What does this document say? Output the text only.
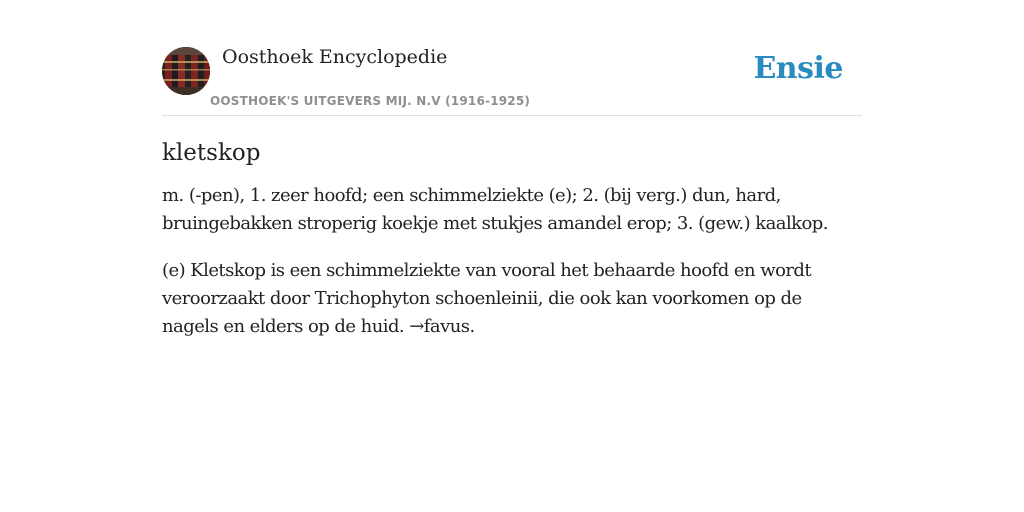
Oosthoek Encyclopedie
OOSTHOEK'S UITGEVERS MIJ. N.V (1916-1925)
Ensie
kletskop

m. (-pen), 1. zeer hoofd; een schimmelziekte (e); 2. (bij verg.) dun, hard, bruingebakken stroperig koekje met stukjes amandel erop; 3. (gew.) kaalkop.

(e) Kletskop is een schimmelziekte van vooral het behaarde hoofd en wordt veroorzaakt door Trichophyton schoenleinii, die ook kan voorkomen op de nagels en elders op de huid. →favus.
